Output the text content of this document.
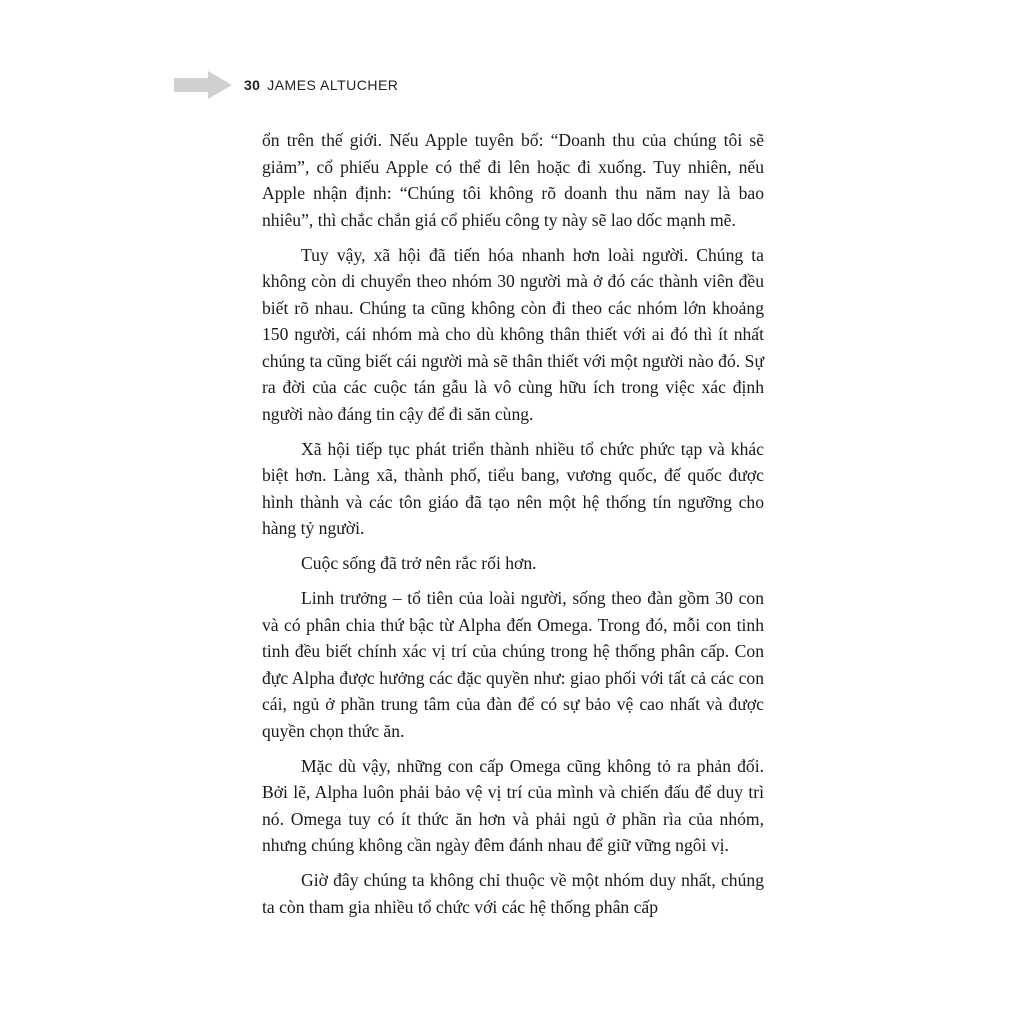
30 JAMES ALTUCHER

ổn trên thế giới. Nếu Apple tuyên bố: “Doanh thu của chúng tôi sẽ giảm”, cổ phiếu Apple có thể đi lên hoặc đi xuống. Tuy nhiên, nếu Apple nhận định: “Chúng tôi không rõ doanh thu năm nay là bao nhiêu”, thì chắc chắn giá cổ phiếu công ty này sẽ lao dốc mạnh mẽ.

Tuy vậy, xã hội đã tiến hóa nhanh hơn loài người. Chúng ta không còn di chuyển theo nhóm 30 người mà ở đó các thành viên đều biết rõ nhau. Chúng ta cũng không còn đi theo các nhóm lớn khoảng 150 người, cái nhóm mà cho dù không thân thiết với ai đó thì ít nhất chúng ta cũng biết cái người mà sẽ thân thiết với một người nào đó. Sự ra đời của các cuộc tán gẫu là vô cùng hữu ích trong việc xác định người nào đáng tin cậy để đi săn cùng.

Xã hội tiếp tục phát triển thành nhiều tổ chức phức tạp và khác biệt hơn. Làng xã, thành phố, tiểu bang, vương quốc, đế quốc được hình thành và các tôn giáo đã tạo nên một hệ thống tín ngưỡng cho hàng tỷ người.

Cuộc sống đã trở nên rắc rối hơn.

Linh trưởng – tổ tiên của loài người, sống theo đàn gồm 30 con và có phân chia thứ bậc từ Alpha đến Omega. Trong đó, mỗi con tinh tinh đều biết chính xác vị trí của chúng trong hệ thống phân cấp. Con đực Alpha được hưởng các đặc quyền như: giao phối với tất cả các con cái, ngủ ở phần trung tâm của đàn để có sự bảo vệ cao nhất và được quyền chọn thức ăn.

Mặc dù vậy, những con cấp Omega cũng không tỏ ra phản đối. Bởi lẽ, Alpha luôn phải bảo vệ vị trí của mình và chiến đấu để duy trì nó. Omega tuy có ít thức ăn hơn và phải ngủ ở phần rìa của nhóm, nhưng chúng không cần ngày đêm đánh nhau để giữ vững ngôi vị.

Giờ đây chúng ta không chỉ thuộc về một nhóm duy nhất, chúng ta còn tham gia nhiều tổ chức với các hệ thống phân cấp
